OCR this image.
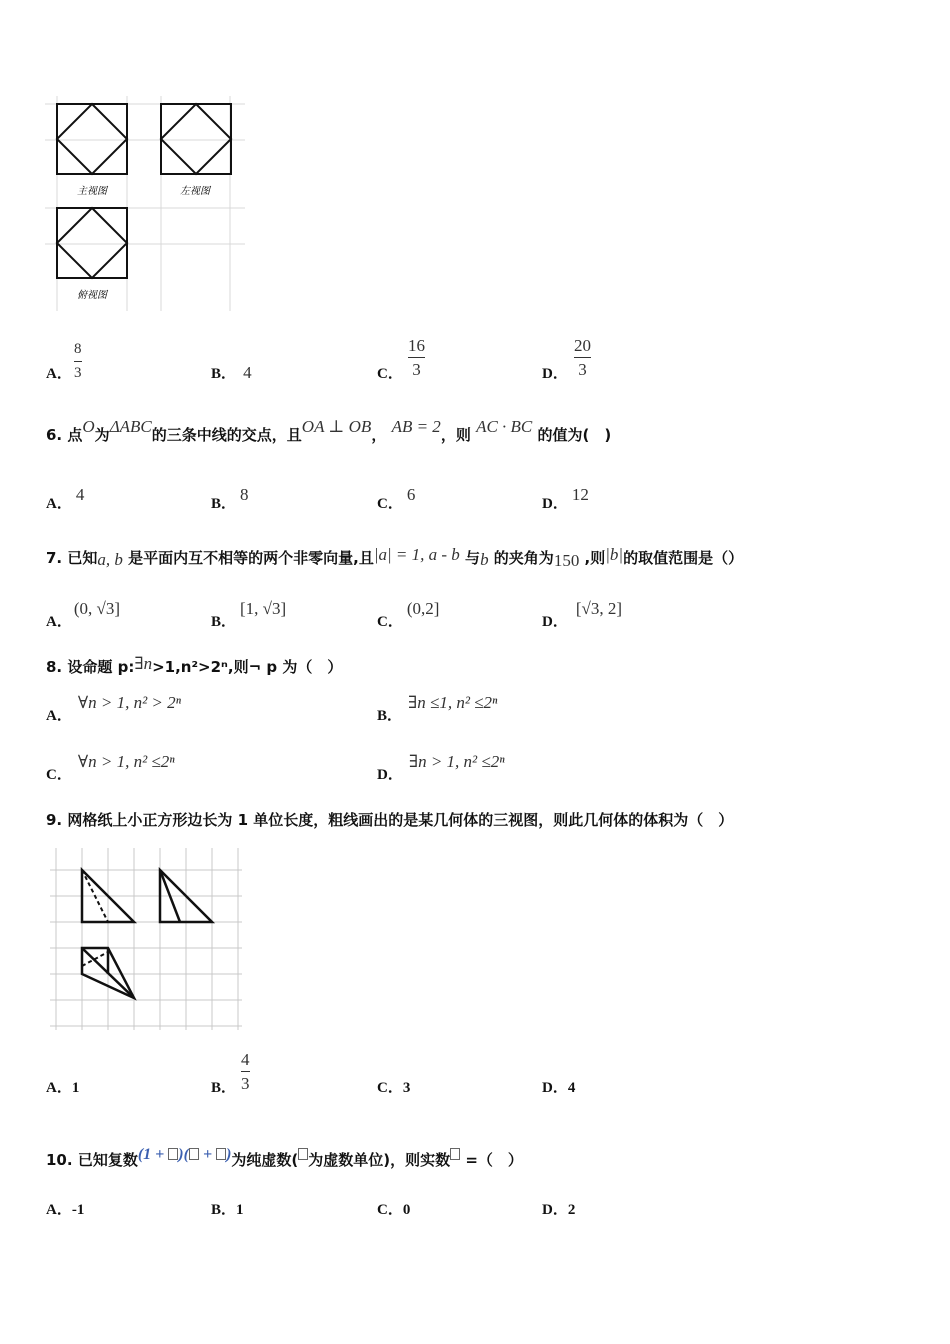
主视图	左视图
俯视图
A．
8
3	B． 4	C．
16
3	D．
20
3
6. 点O为ΔABC的三条中线的交点，且OA ⊥ OB， AB = 2，则 AC · BC 的值为(　)
A． 4	B． 8	C． 6	D． 12
7. 已知a, b 是平面内互不相等的两个非零向量,且|a| = 1, a - b 与b 的夹角为150 ,则|b|的取值范围是（）
A．(0, √3]
B．[1, √3]
C．(0,2]
D．[√3, 2]
8. 设命题 p:∃n>1,n²>2ⁿ,则¬ p 为（　）
A．∀n > 1, n² > 2ⁿ
B．∃n ≤1, n² ≤2ⁿ
C．∀n > 1, n² ≤2ⁿ
D．∃n > 1, n² ≤2ⁿ
9. 网格纸上小正方形边长为 1 单位长度，粗线画出的是某几何体的三视图，则此几何体的体积为（　）
A．1	B．
4
3	C．3	D．4
10. 已知复数(1 + )( + )为纯虚数( 为虚数单位)，则实数 =（　）
A．-1	B．1	C．0	D．2
